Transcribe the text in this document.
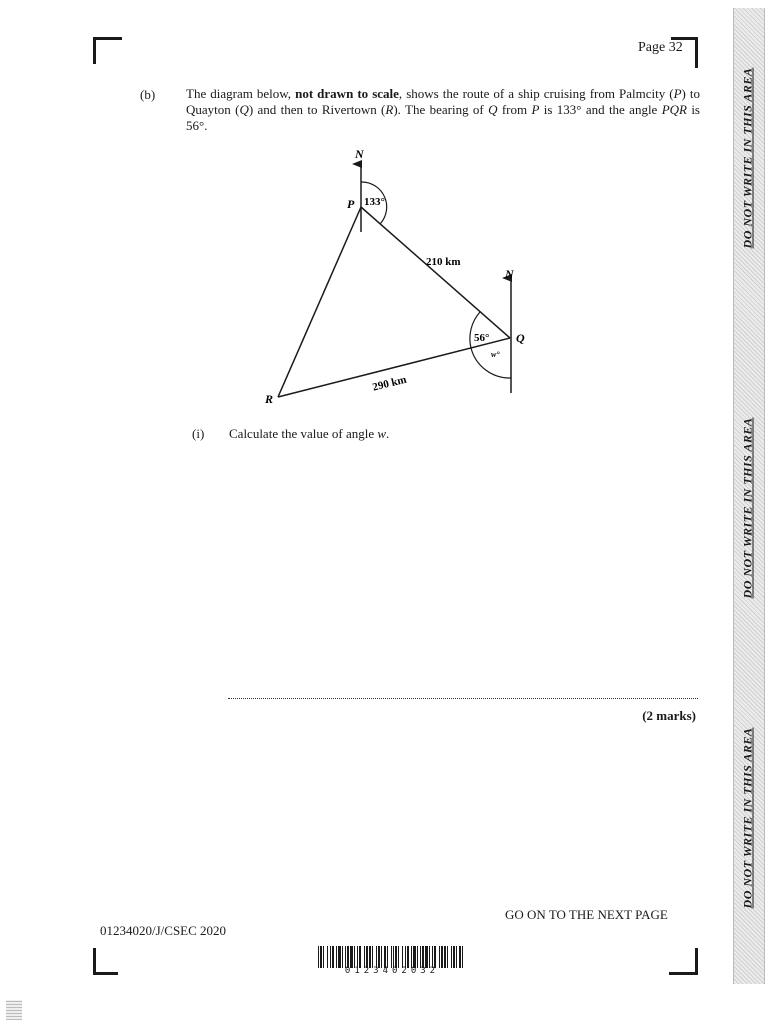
Page 32
(b) The diagram below, not drawn to scale, shows the route of a ship cruising from Palmcity (P) to Quayton (Q) and then to Rivertown (R). The bearing of Q from P is 133° and the angle PQR is 56°.
N
N
P
Q
R
133°
56°
w°
210 km
290 km
(i) Calculate the value of angle w.
(2 marks)
GO ON TO THE NEXT PAGE
01234020/J/CSEC 2020
0123402032
DO NOT WRITE IN THIS AREA
DO NOT WRITE IN THIS AREA
DO NOT WRITE IN THIS AREA
